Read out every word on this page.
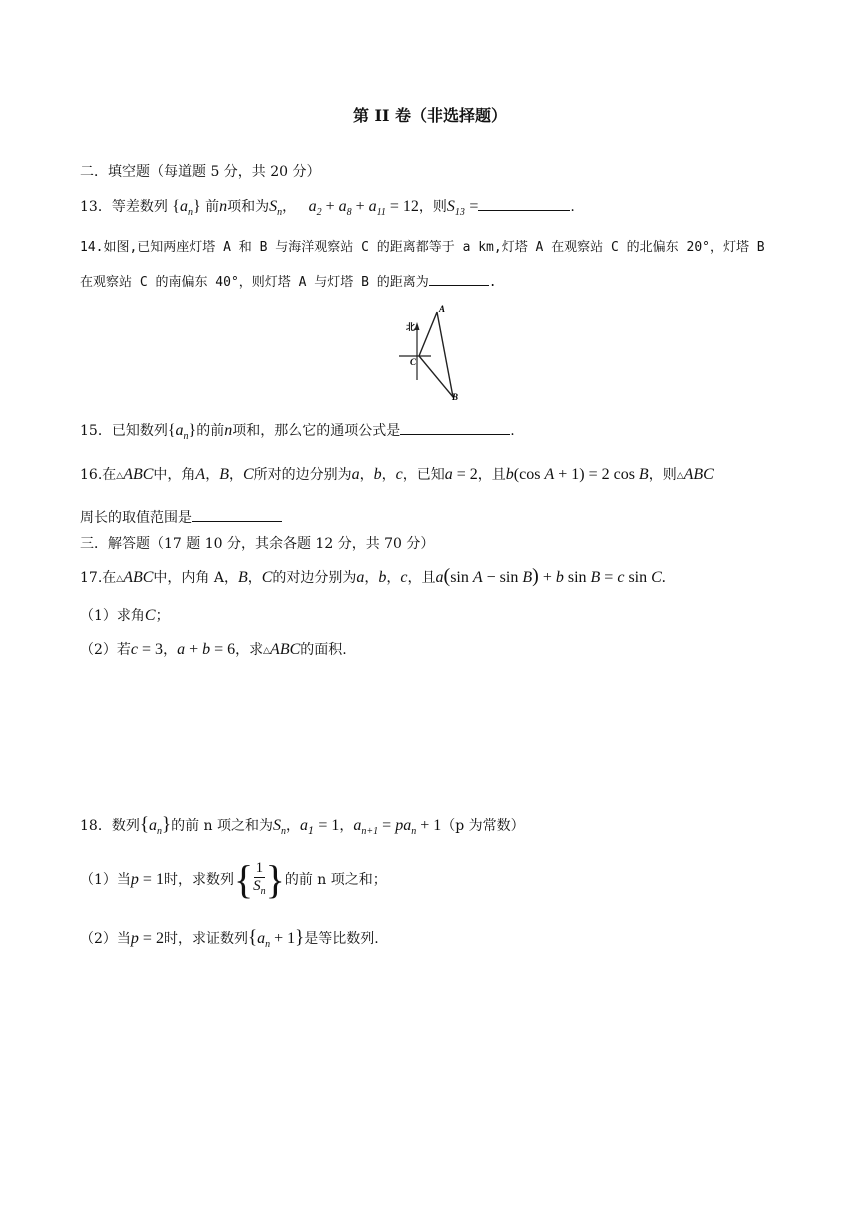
第 II 卷（非选择题）
二．填空题（每道题 5 分，共 20 分）
13．等差数列 $\{a_n\}$ 前n项和为$S_n$， $a_2 + a_8 + a_{11} = 12$，则$S_{13}$ =	.
14.如图,已知两座灯塔 A 和 B 与海洋观察站 C 的距离都等于 a km,灯塔 A 在观察站 C 的北偏东 20°，灯塔 B
在观察站 C 的南偏东 40°，则灯塔 A 与灯塔 B 的距离为	.
北
A
C
B
15．已知数列$\{a_n\}$的前n项和，那么它的通项公式是	.
16.在△ABC中，角A，B，C所对的边分别为a，b，c，已知a = 2，且b(cos A + 1) = 2 cos B，则△ABC
周长的取值范围是
三．解答题（17 题 10 分，其余各题 12 分，共 70 分）
17.在△ABC中，内角 A，B，C的对边分别为a，b，c，且a(sin A − sin B) + b sin B = c sin C.
（1）求角C；
（2）若c = 3，a + b = 6，求△ABC的面积.
18．数列$\{a_n\}$的前 n 项之和为$S_n$，$a_1 = 1$，$a_{n+1} = pa_n + 1(p$ 为常数）
（1）当p = 1时，求数列{ $\frac{1}{S_n}$ }的前 n 项之和；
（2）当p = 2时，求证数列$\{a_n + 1\}$是等比数列.
